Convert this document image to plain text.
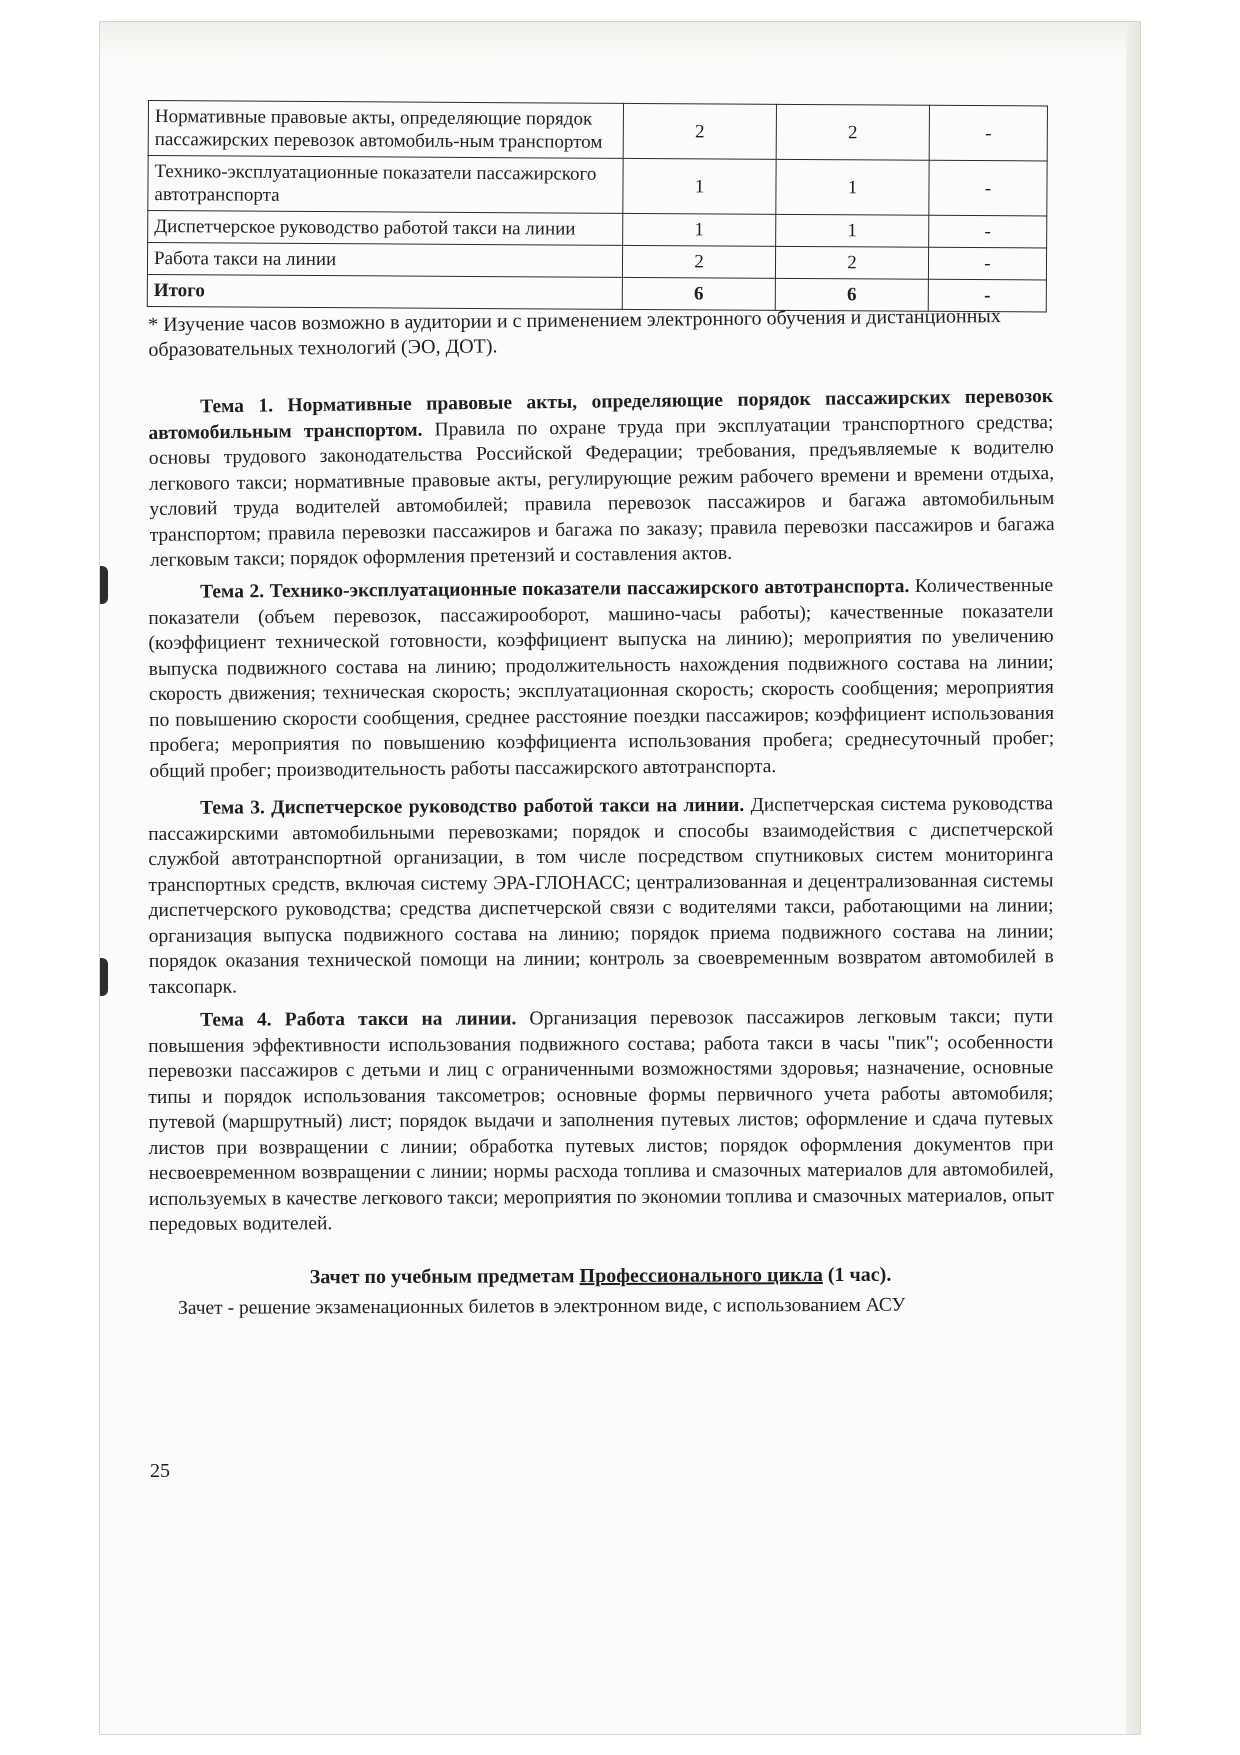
Нормативные правовые акты, определяющие порядок пассажирских перевозок автомобиль-ным транспортом	2	2	-
Технико-эксплуатационные показатели пассажирского автотранспорта	1	1	-
Диспетчерское руководство работой такси на линии	1	1	-
Работа такси на линии	2	2	-
Итого	6	6	-
* Изучение часов возможно в аудитории и с применением электронного обучения и дистанционных образовательных технологий (ЭО, ДОТ).

Тема 1. Нормативные правовые акты, определяющие порядок пассажирских перевозок автомобильным транспортом. Правила по охране труда при эксплуатации транспортного средства; основы трудового законодательства Российской Федерации; требования, предъявляемые к водителю легкового такси; нормативные правовые акты, регулирующие режим рабочего времени и времени отдыха, условий труда водителей автомобилей; правила перевозок пассажиров и багажа автомобильным транспортом; правила перевозки пассажиров и багажа по заказу; правила перевозки пассажиров и багажа легковым такси; порядок оформления претензий и составления актов.

Тема 2. Технико-эксплуатационные показатели пассажирского автотранспорта. Количественные показатели (объем перевозок, пассажирооборот, машино-часы работы); качественные показатели (коэффициент технической готовности, коэффициент выпуска на линию); мероприятия по увеличению выпуска подвижного состава на линию; продолжительность нахождения подвижного состава на линии; скорость движения; техническая скорость; эксплуатационная скорость; скорость сообщения; мероприятия по повышению скорости сообщения, среднее расстояние поездки пассажиров; коэффициент использования пробега; мероприятия по повышению коэффициента использования пробега; среднесуточный пробег; общий пробег; производительность работы пассажирского автотранспорта.

Тема 3. Диспетчерское руководство работой такси на линии. Диспетчерская система руководства пассажирскими автомобильными перевозками; порядок и способы взаимодействия с диспетчерской службой автотранспортной организации, в том числе посредством спутниковых систем мониторинга транспортных средств, включая систему ЭРА-ГЛОНАСС; централизованная и децентрализованная системы диспетчерского руководства; средства диспетчерской связи с водителями такси, работающими на линии; организация выпуска подвижного состава на линию; порядок приема подвижного состава на линии; порядок оказания технической помощи на линии; контроль за своевременным возвратом автомобилей в таксопарк.

Тема 4. Работа такси на линии. Организация перевозок пассажиров легковым такси; пути повышения эффективности использования подвижного состава; работа такси в часы "пик"; особенности перевозки пассажиров с детьми и лиц с ограниченными возможностями здоровья; назначение, основные типы и порядок использования таксометров; основные формы первичного учета работы автомобиля; путевой (маршрутный) лист; порядок выдачи и заполнения путевых листов; оформление и сдача путевых листов при возвращении с линии; обработка путевых листов; порядок оформления документов при несвоевременном возвращении с линии; нормы расхода топлива и смазочных материалов для автомобилей, используемых в качестве легкового такси; мероприятия по экономии топлива и смазочных материалов, опыт передовых водителей.

Зачет по учебным предметам Профессионального цикла (1 час).
Зачет - решение экзаменационных билетов в электронном виде, с использованием АСУ
25
